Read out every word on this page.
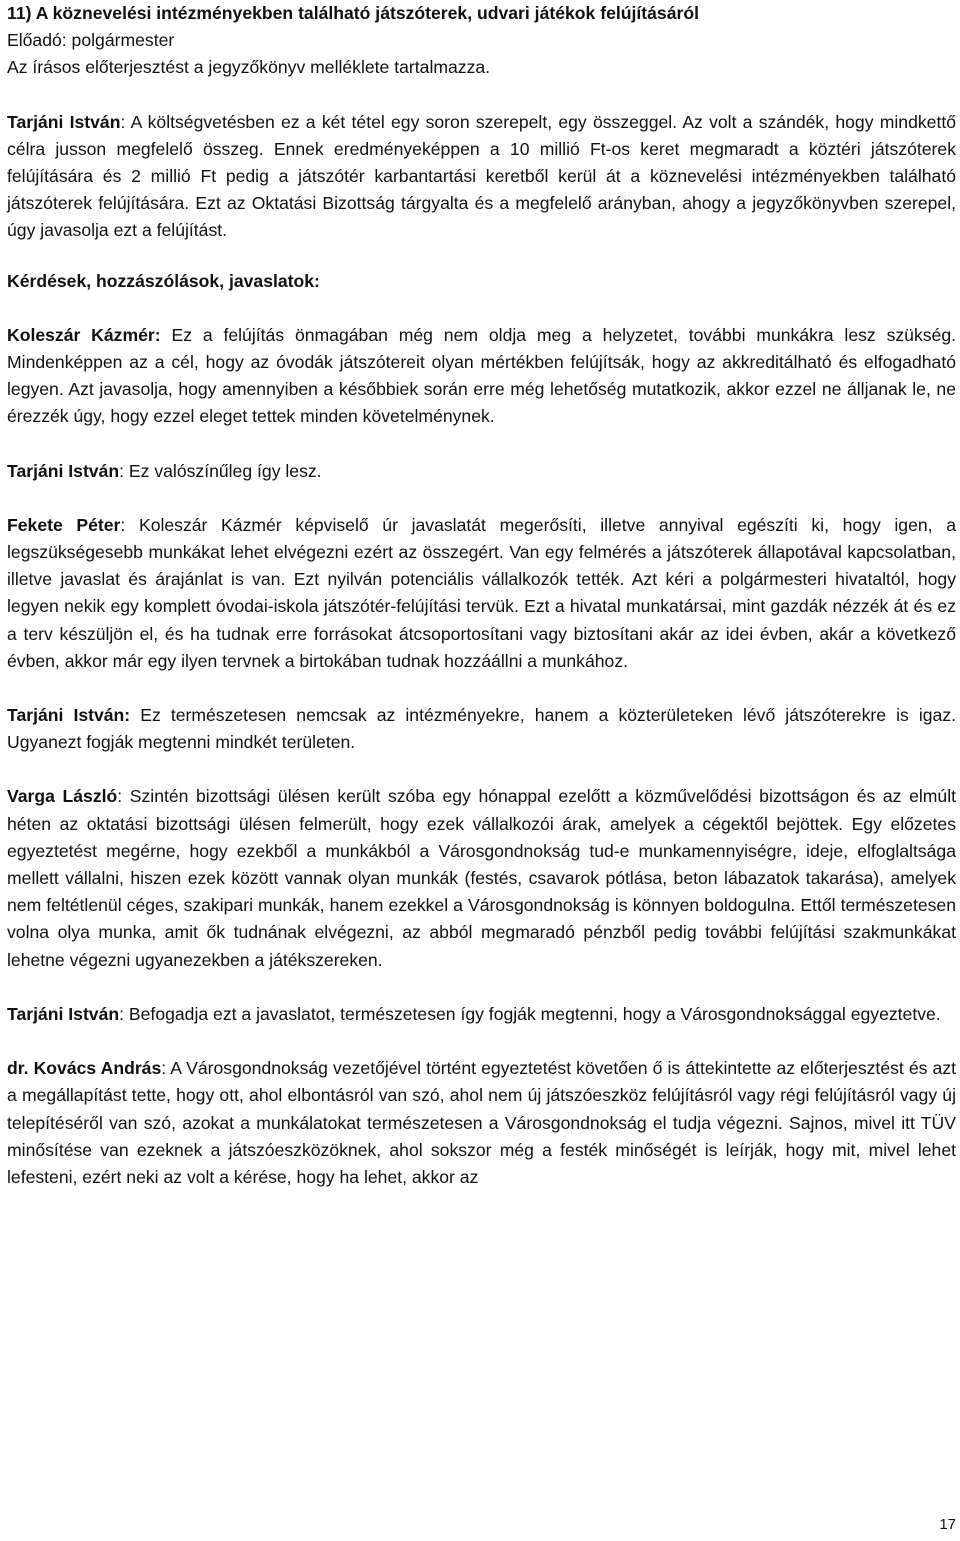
11) A köznevelési intézményekben található játszóterek, udvari játékok felújításáról

Előadó: polgármester

Az írásos előterjesztést a jegyzőkönyv melléklete tartalmazza.

Tarjáni István: A költségvetésben ez a két tétel egy soron szerepelt, egy összeggel. Az volt a szándék, hogy mindkettő célra jusson megfelelő összeg. Ennek eredményeképpen a 10 millió Ft-os keret megmaradt a köztéri játszóterek felújítására és 2 millió Ft pedig a játszótér karbantartási keretből kerül át a köznevelési intézményekben található játszóterek felújítására. Ezt az Oktatási Bizottság tárgyalta és a megfelelő arányban, ahogy a jegyzőkönyvben szerepel, úgy javasolja ezt a felújítást.

Kérdések, hozzászólások, javaslatok:

Koleszár Kázmér: Ez a felújítás önmagában még nem oldja meg a helyzetet, további munkákra lesz szükség. Mindenképpen az a cél, hogy az óvodák játszótereit olyan mértékben felújítsák, hogy az akkreditálható és elfogadható legyen. Azt javasolja, hogy amennyiben a későbbiek során erre még lehetőség mutatkozik, akkor ezzel ne álljanak le, ne érezzék úgy, hogy ezzel eleget tettek minden követelménynek.

Tarjáni István: Ez valószínűleg így lesz.

Fekete Péter: Koleszár Kázmér képviselő úr javaslatát megerősíti, illetve annyival egészíti ki, hogy igen, a legszükségesebb munkákat lehet elvégezni ezért az összegért. Van egy felmérés a játszóterek állapotával kapcsolatban, illetve javaslat és árajánlat is van. Ezt nyilván potenciális vállalkozók tették. Azt kéri a polgármesteri hivataltól, hogy legyen nekik egy komplett óvodai-iskola játszótér-felújítási tervük. Ezt a hivatal munkatársai, mint gazdák nézzék át és ez a terv készüljön el, és ha tudnak erre forrásokat átcsoportosítani vagy biztosítani akár az idei évben, akár a következő évben, akkor már egy ilyen tervnek a birtokában tudnak hozzáállni a munkához.

Tarjáni István: Ez természetesen nemcsak az intézményekre, hanem a közterületeken lévő játszóterekre is igaz. Ugyanezt fogják megtenni mindkét területen.

Varga László: Szintén bizottsági ülésen került szóba egy hónappal ezelőtt a közművelődési bizottságon és az elmúlt héten az oktatási bizottsági ülésen felmerült, hogy ezek vállalkozói árak, amelyek a cégektől bejöttek. Egy előzetes egyeztetést megérne, hogy ezekből a munkákból a Városgondnokság tud-e munkamennyiségre, ideje, elfoglaltsága mellett vállalni, hiszen ezek között vannak olyan munkák (festés, csavarok pótlása, beton lábazatok takarása), amelyek nem feltétlenül céges, szakipari munkák, hanem ezekkel a Városgondnokság is könnyen boldogulna. Ettől természetesen volna olya munka, amit ők tudnának elvégezni, az abból megmaradó pénzből pedig további felújítási szakmunkákat lehetne végezni ugyanezekben a játékszereken.

Tarjáni István: Befogadja ezt a javaslatot, természetesen így fogják megtenni, hogy a Városgondnoksággal egyeztetve.

dr. Kovács András: A Városgondnokság vezetőjével történt egyeztetést követően ő is áttekintette az előterjesztést és azt a megállapítást tette, hogy ott, ahol elbontásról van szó, ahol nem új játszóeszköz felújításról vagy régi felújításról vagy új telepítéséről van szó, azokat a munkálatokat természetesen a Városgondnokság el tudja végezni. Sajnos, mivel itt TÜV minősítése van ezeknek a játszóeszközöknek, ahol sokszor még a festék minőségét is leírják, hogy mit, mivel lehet lefesteni, ezért neki az volt a kérése, hogy ha lehet, akkor az

17
